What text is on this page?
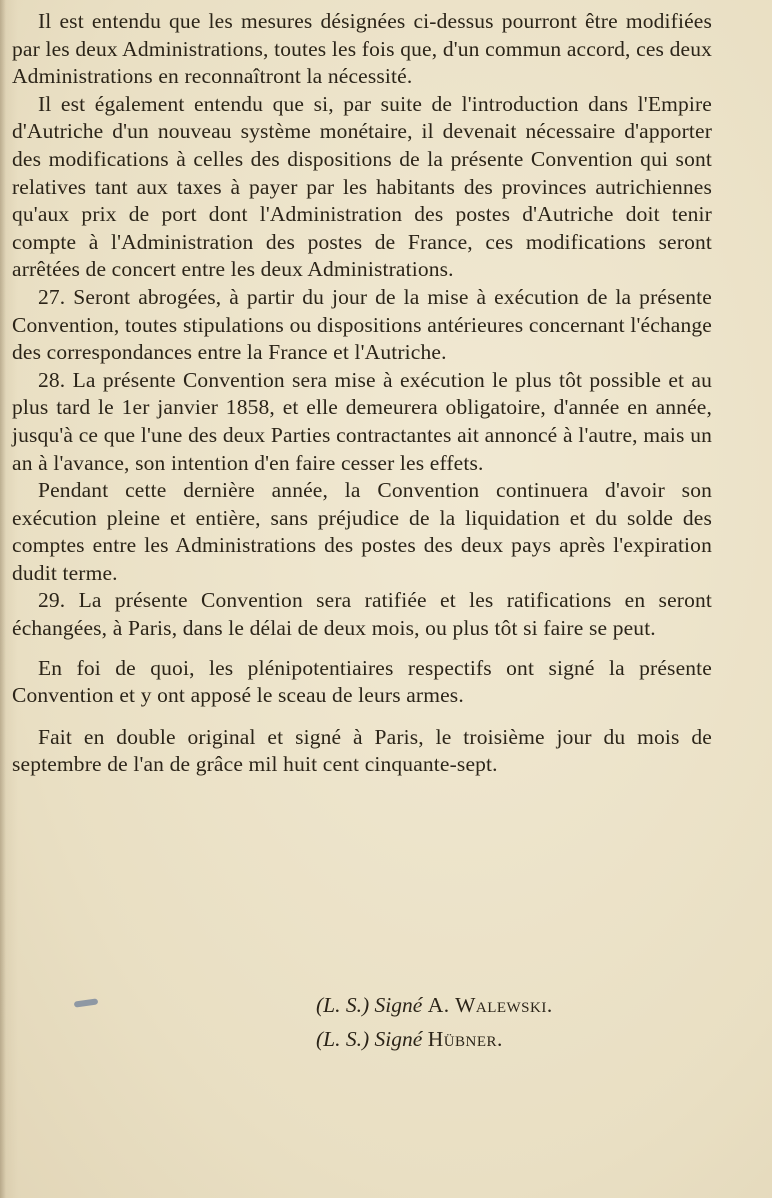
Il est entendu que les mesures désignées ci-dessus pourront être modifiées par les deux Administrations, toutes les fois que, d'un commun accord, ces deux Administrations en reconnaîtront la nécessité.

Il est également entendu que si, par suite de l'introduction dans l'Empire d'Autriche d'un nouveau système monétaire, il devenait nécessaire d'apporter des modifications à celles des dispositions de la présente Convention qui sont relatives tant aux taxes à payer par les habitants des provinces autrichiennes qu'aux prix de port dont l'Administration des postes d'Autriche doit tenir compte à l'Administration des postes de France, ces modifications seront arrêtées de concert entre les deux Administrations.

27. Seront abrogées, à partir du jour de la mise à exécution de la présente Convention, toutes stipulations ou dispositions antérieures concernant l'échange des correspondances entre la France et l'Autriche.

28. La présente Convention sera mise à exécution le plus tôt possible et au plus tard le 1er janvier 1858, et elle demeurera obligatoire, d'année en année, jusqu'à ce que l'une des deux Parties contractantes ait annoncé à l'autre, mais un an à l'avance, son intention d'en faire cesser les effets.

Pendant cette dernière année, la Convention continuera d'avoir son exécution pleine et entière, sans préjudice de la liquidation et du solde des comptes entre les Administrations des postes des deux pays après l'expiration dudit terme.

29. La présente Convention sera ratifiée et les ratifications en seront échangées, à Paris, dans le délai de deux mois, ou plus tôt si faire se peut.

En foi de quoi, les plénipotentiaires respectifs ont signé la présente Convention et y ont apposé le sceau de leurs armes.

Fait en double original et signé à Paris, le troisième jour du mois de septembre de l'an de grâce mil huit cent cinquante-sept.

(L. S.) Signé A. Walewski.
(L. S.) Signé Hübner.
